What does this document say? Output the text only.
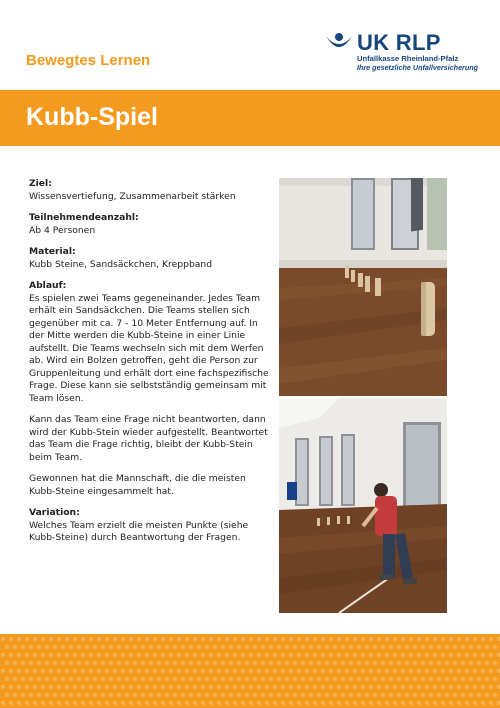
Bewegtes Lernen
UK RLP
Unfallkasse Rheinland-Pfalz
Ihre gesetzliche Unfallversicherung
Kubb-Spiel
Ziel:

Wissensvertiefung, Zusammenarbeit stärken

Teilnehmendeanzahl:

Ab 4 Personen

Material:

Kubb Steine, Sandsäckchen, Kreppband

Ablauf:

Es spielen zwei Teams gegeneinander. Jedes Team erhält ein Sandsäckchen. Die Teams stellen sich gegenüber mit ca. 7 - 10 Meter Entfernung auf. In der Mitte werden die Kubb-Steine in einer Linie aufstellt. Die Teams wechseln sich mit dem Werfen ab. Wird ein Bolzen getroffen, geht die Person zur Gruppenleitung und erhält dort eine fachspezifische Frage. Diese kann sie selbstständig gemeinsam mit Team lösen.

Kann das Team eine Frage nicht beantworten, dann wird der Kubb-Stein wieder aufgestellt. Beantwortet das Team die Frage richtig, bleibt der Kubb-Stein beim Team.

Gewonnen hat die Mannschaft, die die meisten Kubb-Steine eingesammelt hat.

Variation:

Welches Team erzielt die meisten Punkte (siehe Kubb-Steine) durch Beantwortung der Fragen.
